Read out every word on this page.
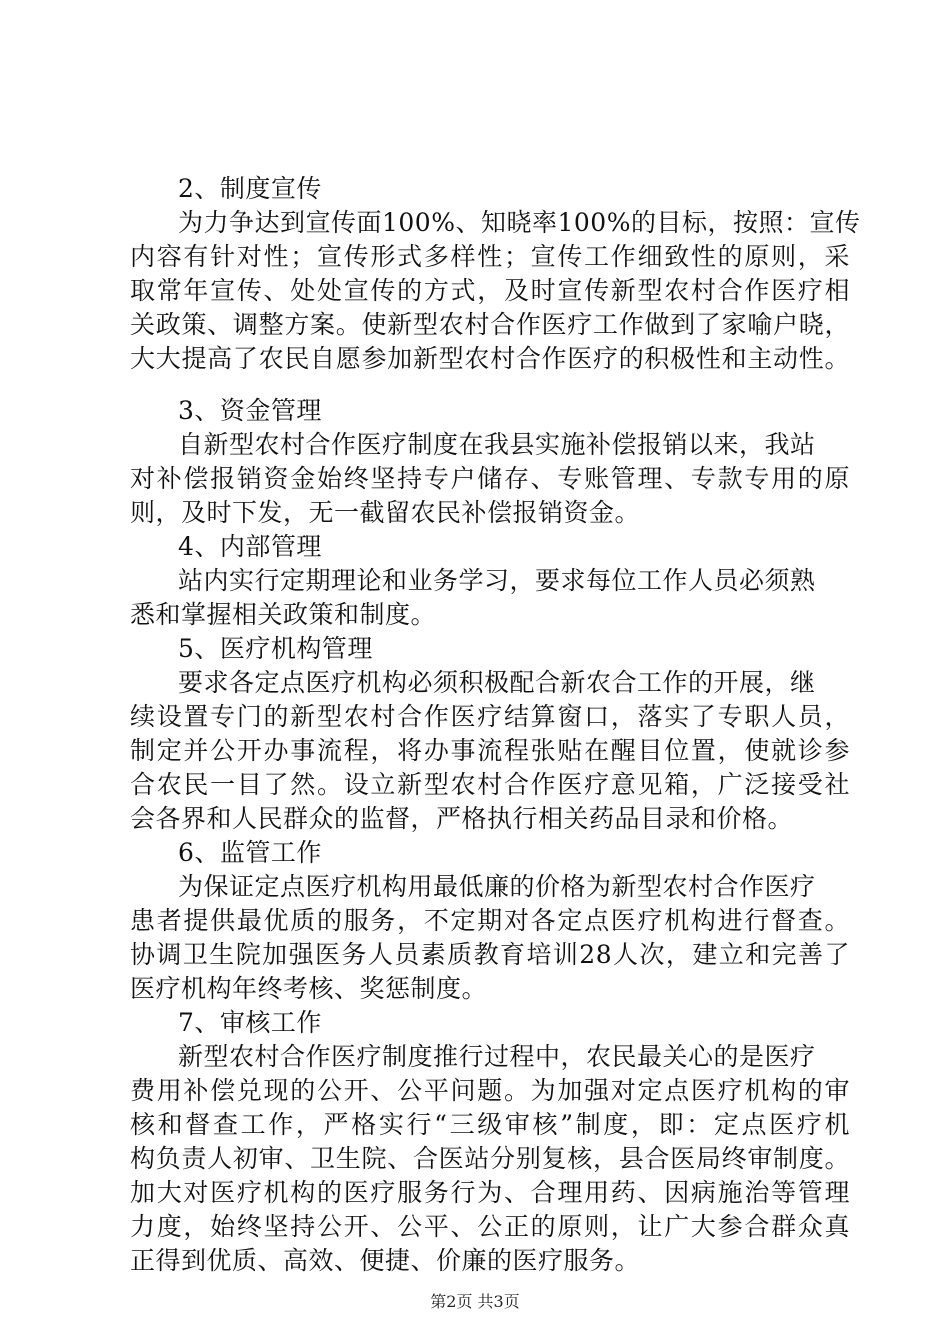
2、制度宣传
为力争达到宣传面100%、知晓率100%的目标，按照：宣传
内容有针对性；宣传形式多样性；宣传工作细致性的原则，采
取常年宣传、处处宣传的方式，及时宣传新型农村合作医疗相
关政策、调整方案。使新型农村合作医疗工作做到了家喻户晓，
大大提高了农民自愿参加新型农村合作医疗的积极性和主动性。
3、资金管理
自新型农村合作医疗制度在我县实施补偿报销以来，我站
对补偿报销资金始终坚持专户储存、专账管理、专款专用的原
则，及时下发，无一截留农民补偿报销资金。
4、内部管理
站内实行定期理论和业务学习，要求每位工作人员必须熟
悉和掌握相关政策和制度。
5、医疗机构管理
要求各定点医疗机构必须积极配合新农合工作的开展，继
续设置专门的新型农村合作医疗结算窗口，落实了专职人员，
制定并公开办事流程，将办事流程张贴在醒目位置，使就诊参
合农民一目了然。设立新型农村合作医疗意见箱，广泛接受社
会各界和人民群众的监督，严格执行相关药品目录和价格。
6、监管工作
为保证定点医疗机构用最低廉的价格为新型农村合作医疗
患者提供最优质的服务，不定期对各定点医疗机构进行督查。
协调卫生院加强医务人员素质教育培训28人次，建立和完善了
医疗机构年终考核、奖惩制度。
7、审核工作
新型农村合作医疗制度推行过程中，农民最关心的是医疗
费用补偿兑现的公开、公平问题。为加强对定点医疗机构的审
核和督查工作，严格实行“三级审核”制度，即：定点医疗机
构负责人初审、卫生院、合医站分别复核，县合医局终审制度。
加大对医疗机构的医疗服务行为、合理用药、因病施治等管理
力度，始终坚持公开、公平、公正的原则，让广大参合群众真
正得到优质、高效、便捷、价廉的医疗服务。
第2页 共3页
